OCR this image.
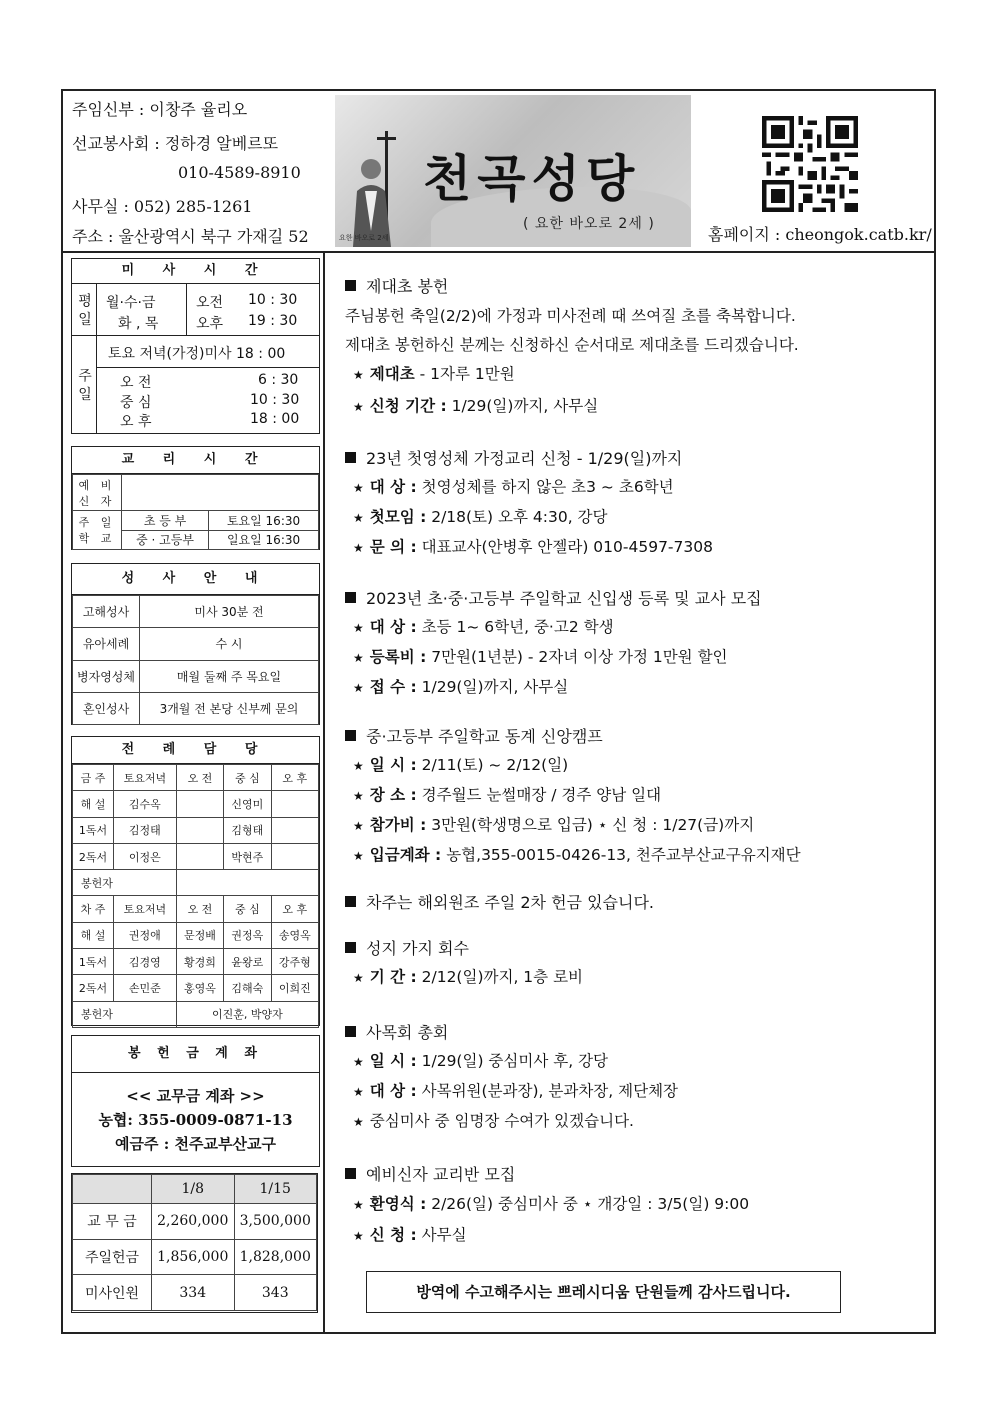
주임신부 : 이창주 율리오
선교봉사회 : 정하경 알베르또
010-4589-8910
사무실 : 052) 285-1261
주소 : 울산광역시 북구 가재길 52
천곡성당
( 요한 바오로 2세 )
요한 바오로 2세	홈페이지 : cheongok.catb.kr/
미 사 시 간
평 일	월·수·금	오전 10 : 30
화 , 목	오후 19 : 30
주 일
토요 저녁(가정)미사 18 : 00
오 전	6 : 30
중 심	10 : 30
오 후	18 : 00
교 리 시 간
예 비 신 자		
주 일 학 교	초 등 부	토요일 16:30
	중 · 고등부	일요일 16:30
성 사 안 내
고해성사	미사 30분 전
유아세례	수 시
병자영성체	매월 둘째 주 목요일
혼인성사	3개월 전 본당 신부께 문의
전 례 담 당
금 주	토요저녁	오 전	중 심	오 후
해 설	김수옥		신영미	
1독서	김정태		김형태	
2독서	이정은		박현주	
봉헌자				
차 주	토요저녁	오 전	중 심	오 후
해 설	권정애	문정배	권정옥	송영옥
1독서	김경영	황경희	윤왕로	강주형
2독서	손민준	홍영옥	김해숙	이희진
봉헌자		이진훈, 박양자		
봉 헌 금 계 좌
<< 교무금 계좌 >>
농협: 355-0009-0871-13
예금주 : 천주교부산교구
	1/8	1/15
교 무 금	2,260,000	3,500,000
주일헌금	1,856,000	1,828,000
미사인원	334	343

제대초 봉헌

주님봉헌 축일(2/2)에 가정과 미사전례 때 쓰여질 초를 축복합니다.

제대초 봉헌하신 분께는 신청하신 순서대로 제대초를 드리겠습니다.

★ 제대초 - 1자루 1만원

★ 신청 기간 : 1/29(일)까지, 사무실

23년 첫영성체 가정교리 신청 - 1/29(일)까지

★ 대 상 : 첫영성체를 하지 않은 초3 ~ 초6학년

★ 첫모임 : 2/18(토) 오후 4:30, 강당

★ 문 의 : 대표교사(안병후 안젤라) 010-4597-7308

2023년 초·중·고등부 주일학교 신입생 등록 및 교사 모집

★ 대 상 : 초등 1~ 6학년, 중·고2 학생

★ 등록비 : 7만원(1년분) - 2자녀 이상 가정 1만원 할인

★ 접 수 : 1/29(일)까지, 사무실

중·고등부 주일학교 동계 신앙캠프

★ 일 시 : 2/11(토) ~ 2/12(일)

★ 장 소 : 경주월드 눈썰매장 / 경주 양남 일대

★ 참가비 : 3만원(학생명으로 입금) ⋆ 신 청 : 1/27(금)까지

★ 입금계좌 : 농협,355-0015-0426-13, 천주교부산교구유지재단

차주는 해외원조 주일 2차 헌금 있습니다.

성지 가지 회수

★ 기 간 : 2/12(일)까지, 1층 로비

사목회 총회

★ 일 시 : 1/29(일) 중심미사 후, 강당

★ 대 상 : 사목위원(분과장), 분과차장, 제단체장

★ 중심미사 중 임명장 수여가 있겠습니다.

예비신자 교리반 모집

★ 환영식 : 2/26(일) 중심미사 중 ⋆ 개강일 : 3/5(일) 9:00

★ 신 청 : 사무실

방역에 수고해주시는 쁘레시디움 단원들께 감사드립니다.
